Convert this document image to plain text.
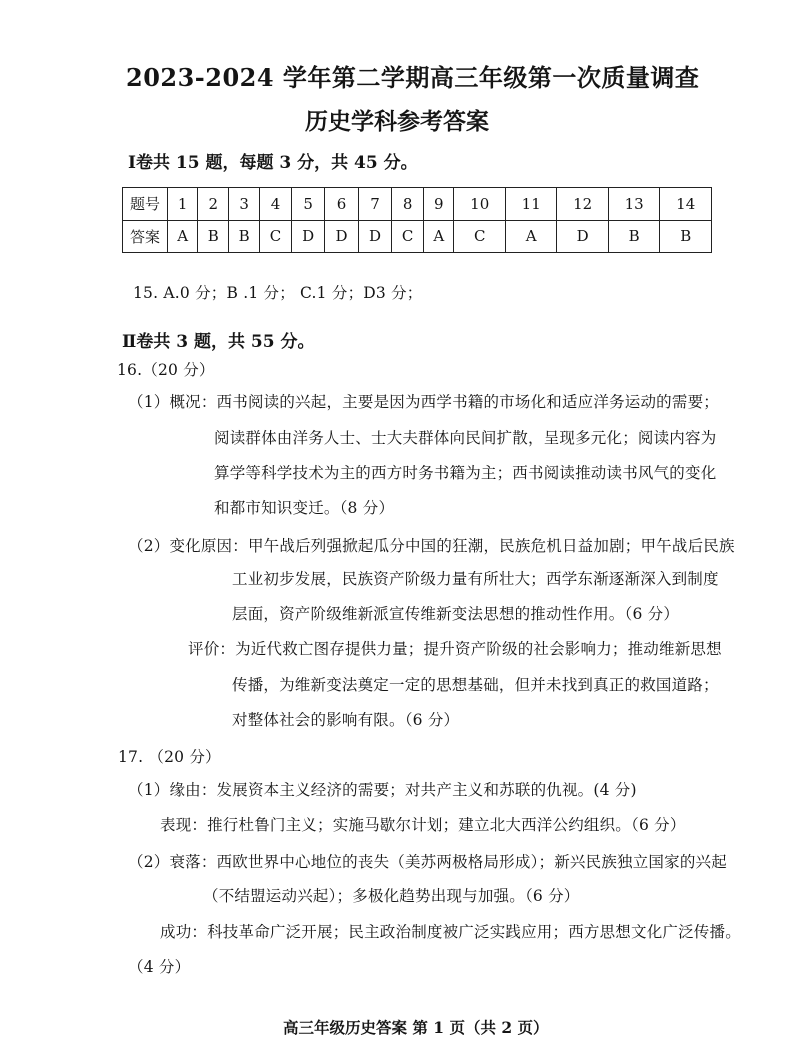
2023-2024 学年第二学期高三年级第一次质量调查
历史学科参考答案
Ⅰ卷共 15 题，每题 3 分，共 45 分。
题号	1	2	3	4	5	6	7	8	9	10	11	12	13	14
答案	A	B	B	C	D	D	D	C	A	C	A	D	B	B
15. A.0 分；B .1 分； C.1 分；D3 分；
Ⅱ卷共 3 题，共 55 分。
16.（20 分）
（1）概况：西书阅读的兴起，主要是因为西学书籍的市场化和适应洋务运动的需要；
阅读群体由洋务人士、士大夫群体向民间扩散，呈现多元化；阅读内容为
算学等科学技术为主的西方时务书籍为主；西书阅读推动读书风气的变化
和都市知识变迁。（8 分）
（2）变化原因：甲午战后列强掀起瓜分中国的狂潮，民族危机日益加剧；甲午战后民族
工业初步发展，民族资产阶级力量有所壮大；西学东渐逐渐深入到制度
层面，资产阶级维新派宣传维新变法思想的推动性作用。（6 分）
评价：为近代救亡图存提供力量；提升资产阶级的社会影响力；推动维新思想
传播，为维新变法奠定一定的思想基础，但并未找到真正的救国道路；
对整体社会的影响有限。（6 分）
17. （20 分）
（1）缘由：发展资本主义经济的需要；对共产主义和苏联的仇视。(4 分)
表现：推行杜鲁门主义；实施马歇尔计划；建立北大西洋公约组织。（6 分）
（2）衰落：西欧世界中心地位的丧失（美苏两极格局形成）；新兴民族独立国家的兴起
（不结盟运动兴起）；多极化趋势出现与加强。（6 分）
成功：科技革命广泛开展；民主政治制度被广泛实践应用；西方思想文化广泛传播。
（4 分）
高三年级历史答案 第 1 页（共 2 页）
